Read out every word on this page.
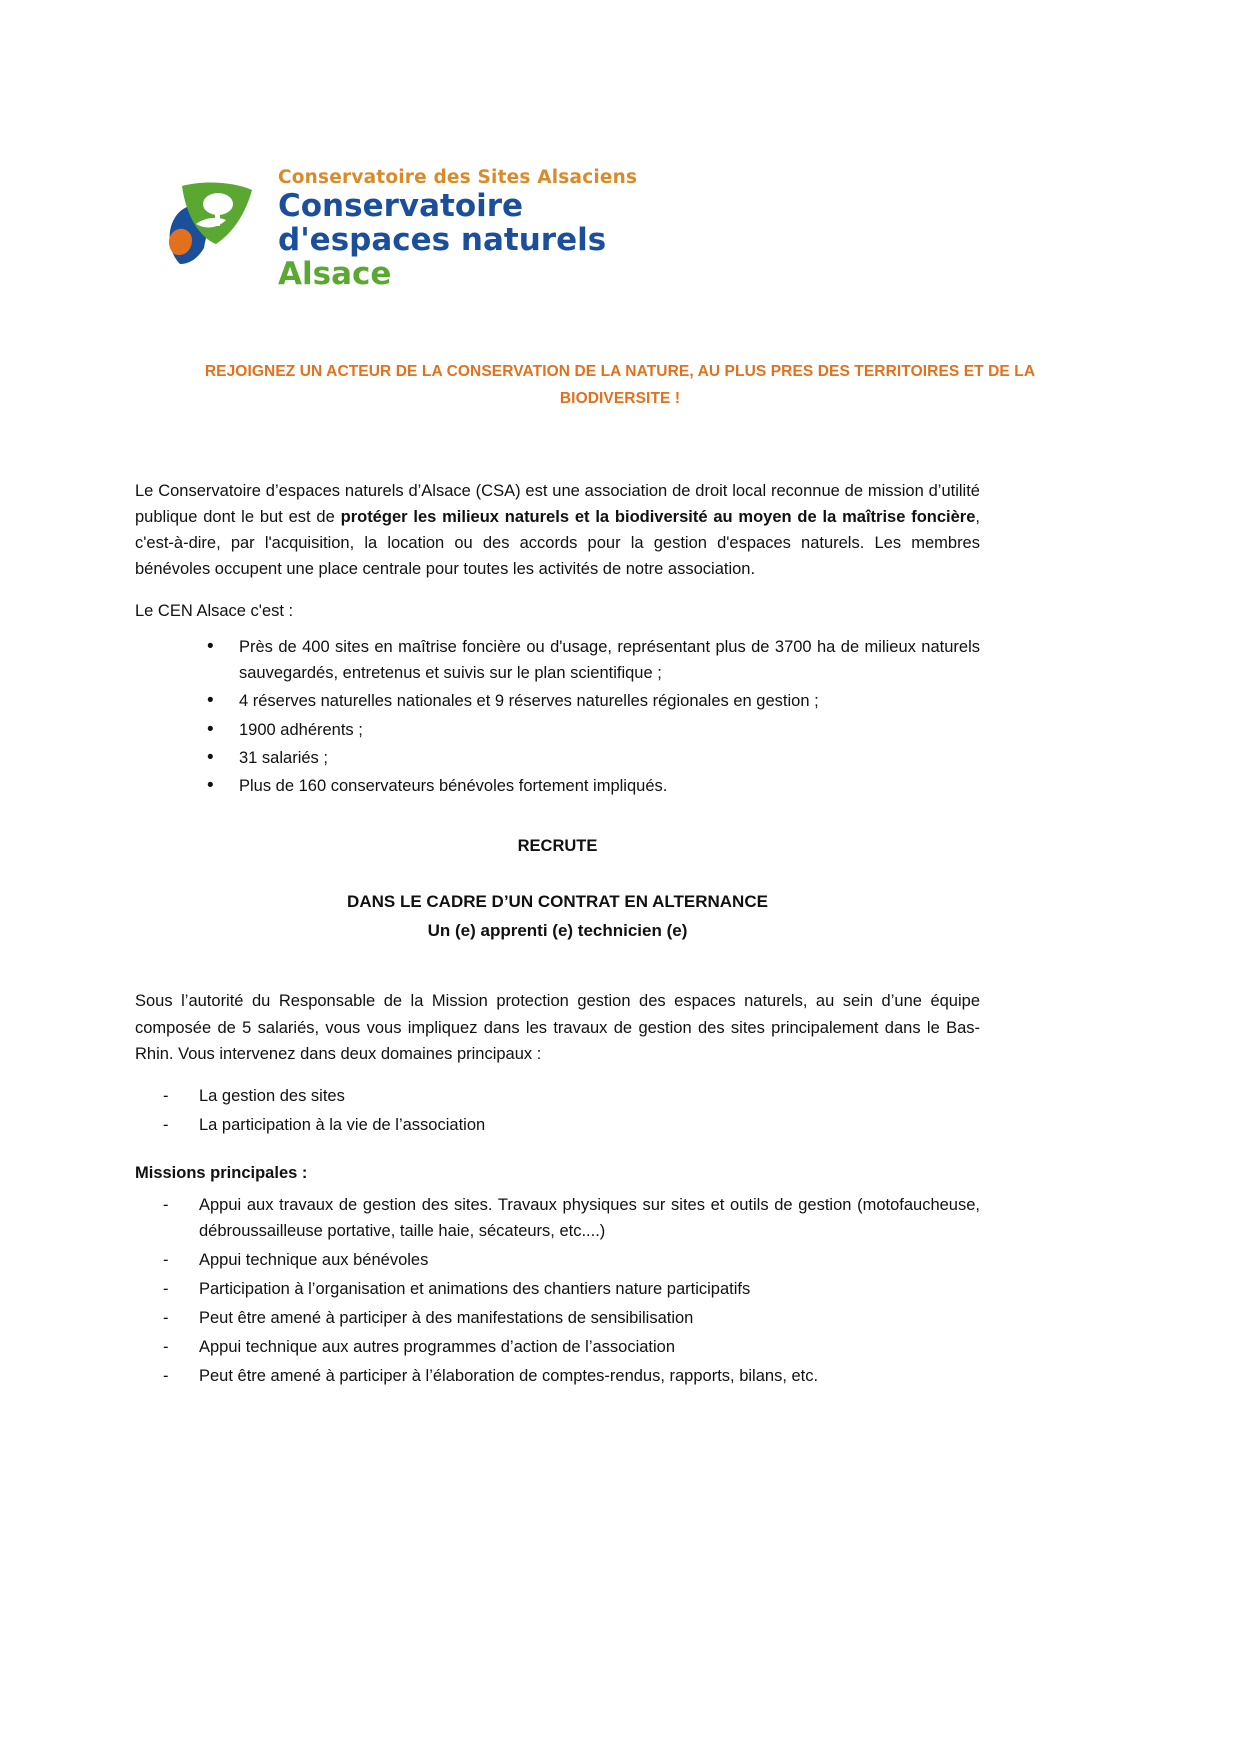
Conservatoire des Sites Alsaciens
Conservatoire
d'espaces naturels
Alsace
REJOIGNEZ UN ACTEUR DE LA CONSERVATION DE LA NATURE, AU PLUS PRES DES TERRITOIRES ET DE LA
BIODIVERSITE !

Le Conservatoire d’espaces naturels d’Alsace (CSA) est une association de droit local reconnue de mission d’utilité publique dont le but est de protéger les milieux naturels et la biodiversité au moyen de la maîtrise foncière, c'est-à-dire, par l'acquisition, la location ou des accords pour la gestion d'espaces naturels. Les membres bénévoles occupent une place centrale pour toutes les activités de notre association.

Le CEN Alsace c'est :

• Près de 400 sites en maîtrise foncière ou d'usage, représentant plus de 3700 ha de milieux naturels sauvegardés, entretenus et suivis sur le plan scientifique ;
• 4 réserves naturelles nationales et 9 réserves naturelles régionales en gestion ;
• 1900 adhérents ;
• 31 salariés ;
• Plus de 160 conservateurs bénévoles fortement impliqués.

RECRUTE

DANS LE CADRE D’UN CONTRAT EN ALTERNANCE

Un (e) apprenti (e) technicien (e)

Sous l’autorité du Responsable de la Mission protection gestion des espaces naturels, au sein d’une équipe composée de 5 salariés, vous vous impliquez dans les travaux de gestion des sites principalement dans le Bas-Rhin. Vous intervenez dans deux domaines principaux :

- La gestion des sites
- La participation à la vie de l’association

Missions principales :

- Appui aux travaux de gestion des sites. Travaux physiques sur sites et outils de gestion (motofaucheuse, débroussailleuse portative, taille haie, sécateurs, etc....)
- Appui technique aux bénévoles
- Participation à l’organisation et animations des chantiers nature participatifs
- Peut être amené à participer à des manifestations de sensibilisation
- Appui technique aux autres programmes d’action de l’association
- Peut être amené à participer à l’élaboration de comptes-rendus, rapports, bilans, etc.
